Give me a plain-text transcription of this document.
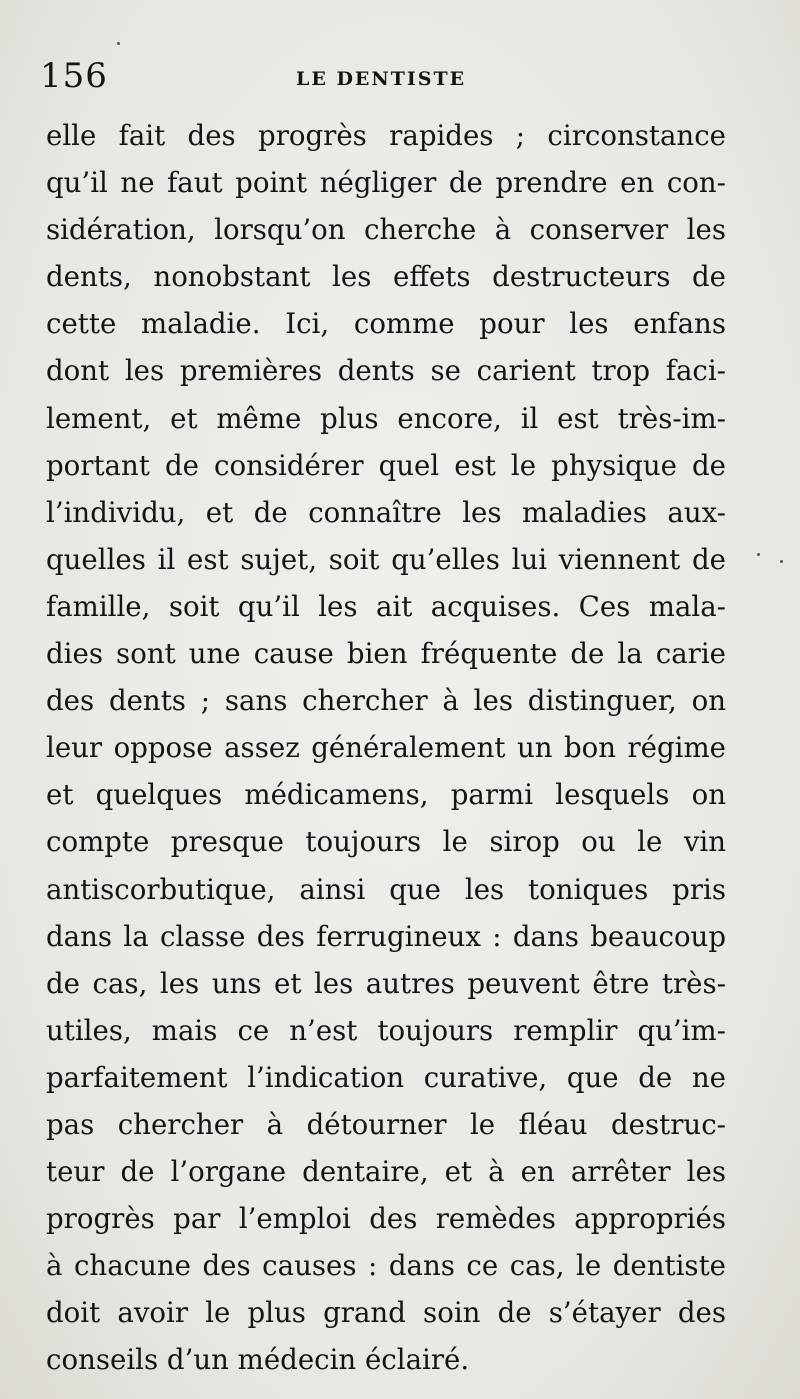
156	LE DENTISTE
elle fait des progrès rapides ; circonstance
qu’il ne faut point négliger de prendre en con-
sidération, lorsqu’on cherche à conserver les
dents, nonobstant les effets destructeurs de
cette maladie. Ici, comme pour les enfans
dont les premières dents se carient trop faci-
lement, et même plus encore, il est très-im-
portant de considérer quel est le physique de
l’individu, et de connaître les maladies aux-
quelles il est sujet, soit qu’elles lui viennent de
famille, soit qu’il les ait acquises. Ces mala-
dies sont une cause bien fréquente de la carie
des dents ; sans chercher à les distinguer, on
leur oppose assez généralement un bon régime
et quelques médicamens, parmi lesquels on
compte presque toujours le sirop ou le vin
antiscorbutique, ainsi que les toniques pris
dans la classe des ferrugineux : dans beaucoup
de cas, les uns et les autres peuvent être très-
utiles, mais ce n’est toujours remplir qu’im-
parfaitement l’indication curative, que de ne
pas chercher à détourner le fléau destruc-
teur de l’organe dentaire, et à en arrêter les
progrès par l’emploi des remèdes appropriés
à chacune des causes : dans ce cas, le dentiste
doit avoir le plus grand soin de s’étayer des
conseils d’un médecin éclairé.
